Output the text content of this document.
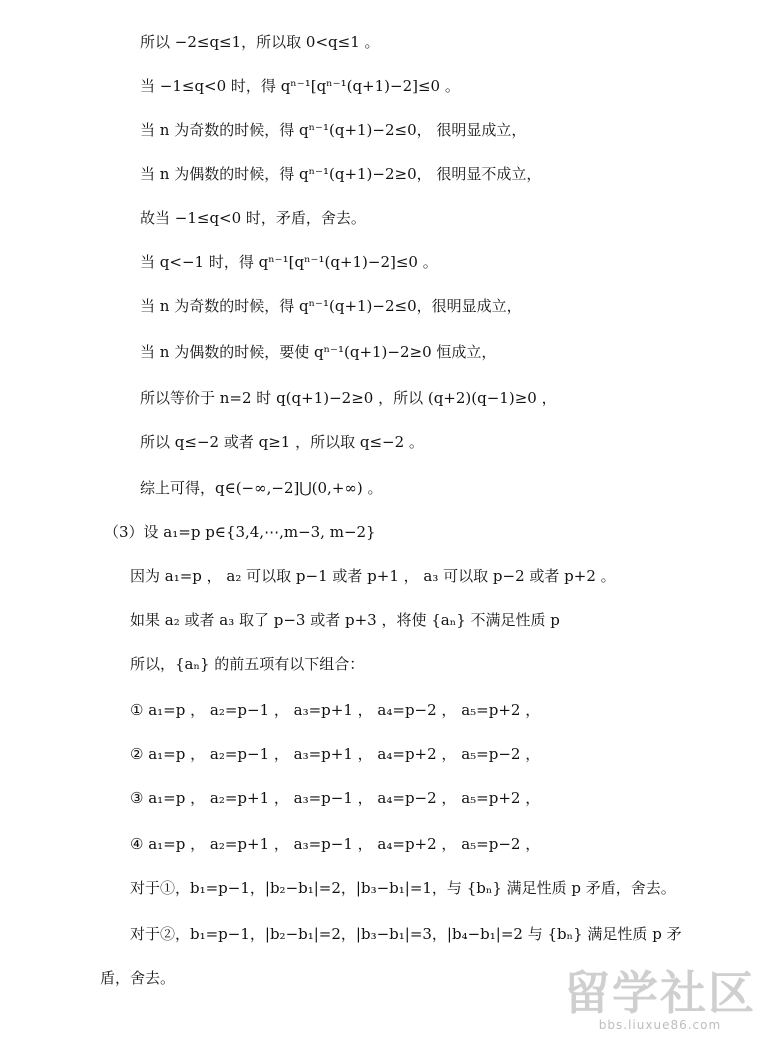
所以 −2≤q≤1，所以取 0<q≤1 。
当 −1≤q<0 时，得 qⁿ⁻¹[qⁿ⁻¹(q+1)−2]≤0 。
当 n 为奇数的时候，得 qⁿ⁻¹(q+1)−2≤0， 很明显成立，
当 n 为偶数的时候，得 qⁿ⁻¹(q+1)−2≥0， 很明显不成立，
故当 −1≤q<0 时，矛盾，舍去。
当 q<−1 时，得 qⁿ⁻¹[qⁿ⁻¹(q+1)−2]≤0 。
当 n 为奇数的时候，得 qⁿ⁻¹(q+1)−2≤0，很明显成立，
当 n 为偶数的时候，要使 qⁿ⁻¹(q+1)−2≥0 恒成立，
所以等价于 n=2 时 q(q+1)−2≥0 ，所以 (q+2)(q−1)≥0 ，
所以 q≤−2 或者 q≥1 ，所以取 q≤−2 。
综上可得，q∈(−∞,−2]⋃(0,+∞) 。
（3）设 a₁=p p∈{3,4,⋯,m−3, m−2}
因为 a₁=p ， a₂ 可以取 p−1 或者 p+1 ， a₃ 可以取 p−2 或者 p+2 。
如果 a₂ 或者 a₃ 取了 p−3 或者 p+3 ，将使 {aₙ} 不满足性质 p
所以，{aₙ} 的前五项有以下组合：
① a₁=p ， a₂=p−1 ， a₃=p+1 ， a₄=p−2 ， a₅=p+2 ，
② a₁=p ， a₂=p−1 ， a₃=p+1 ， a₄=p+2 ， a₅=p−2 ，
③ a₁=p ， a₂=p+1 ， a₃=p−1 ， a₄=p−2 ， a₅=p+2 ，
④ a₁=p ， a₂=p+1 ， a₃=p−1 ， a₄=p+2 ， a₅=p−2 ，
对于①，b₁=p−1，|b₂−b₁|=2，|b₃−b₁|=1，与 {bₙ} 满足性质 p 矛盾，舍去。
对于②，b₁=p−1，|b₂−b₁|=2，|b₃−b₁|=3，|b₄−b₁|=2 与 {bₙ} 满足性质 p 矛
盾，舍去。	留学社区
bbs.liuxue86.com
